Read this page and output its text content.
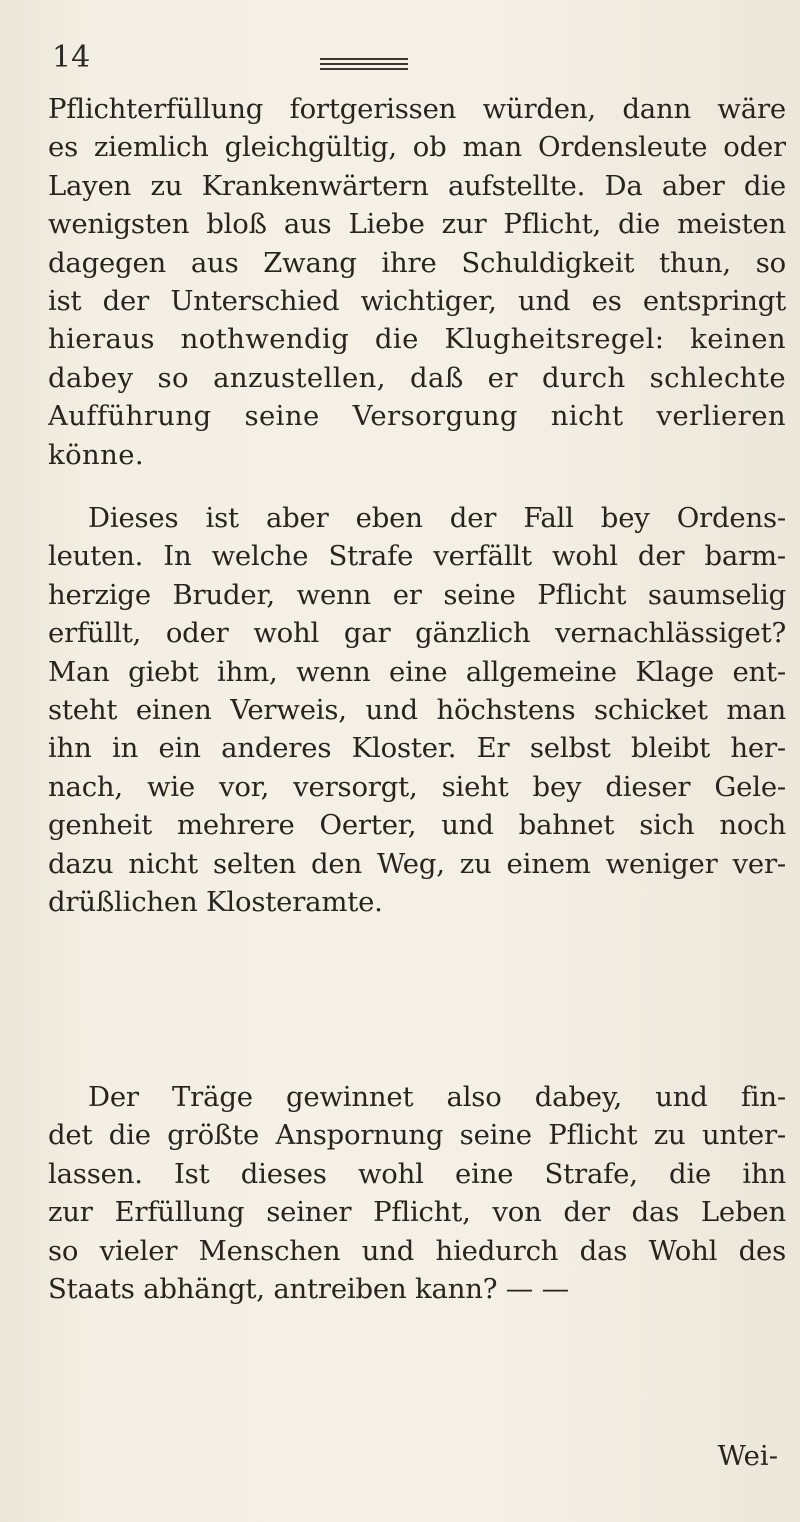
14
Pflichterfüllung fortgerissen würden, dann wäre
es ziemlich gleichgültig, ob man Ordensleute oder
Layen zu Krankenwärtern aufstellte. Da aber die
wenigsten bloß aus Liebe zur Pflicht, die meisten
dagegen aus Zwang ihre Schuldigkeit thun, so
ist der Unterschied wichtiger, und es entspringt
hieraus nothwendig die Klugheitsregel: keinen
dabey so anzustellen, daß er durch schlechte
Aufführung seine Versorgung nicht verlieren
könne.
Dieses ist aber eben der Fall bey Ordens-
leuten. In welche Strafe verfällt wohl der barm-
herzige Bruder, wenn er seine Pflicht saumselig
erfüllt, oder wohl gar gänzlich vernachlässiget?
Man giebt ihm, wenn eine allgemeine Klage ent-
steht einen Verweis, und höchstens schicket man
ihn in ein anderes Kloster. Er selbst bleibt her-
nach, wie vor, versorgt, sieht bey dieser Gele-
genheit mehrere Oerter, und bahnet sich noch
dazu nicht selten den Weg, zu einem weniger ver-
drüßlichen Klosteramte.
Der Träge gewinnet also dabey, und fin-
det die größte Anspornung seine Pflicht zu unter-
lassen. Ist dieses wohl eine Strafe, die ihn
zur Erfüllung seiner Pflicht, von der das Leben
so vieler Menschen und hiedurch das Wohl des
Staats abhängt, antreiben kann? — —
Wei-
